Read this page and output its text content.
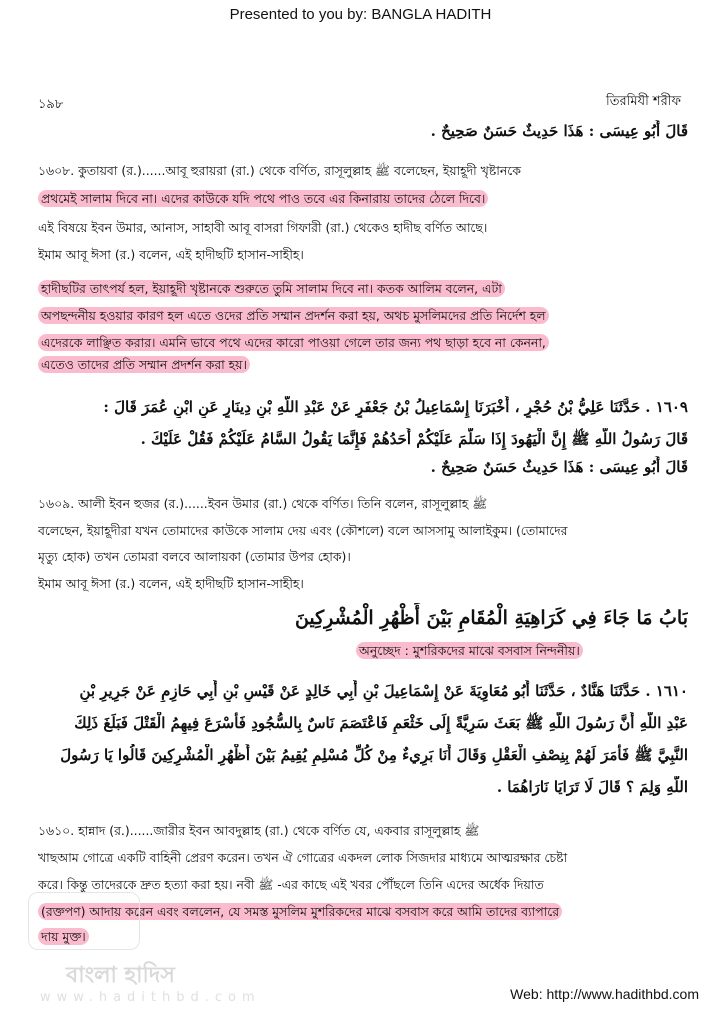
Presented to you by: BANGLA HADITH
১৯৮	তিরমিযী শরীফ
قَالَ أَبُو عِيسَى : هَذَا حَدِيثٌ حَسَنٌ صَحِيحٌ .
১৬০৮. কুতায়বা (র.)......আবূ হুরায়রা (রা.) থেকে বর্ণিত, রাসূলুল্লাহ ﷺ বলেছেন, ইয়াহূদী খৃষ্টানকে
প্রথমেই সালাম দিবে না। এদের কাউকে যদি পথে পাও তবে এর কিনারায় তাদের ঠেলে দিবে।
এই বিষয়ে ইবন উমার, আনাস, সাহাবী আবূ বাসরা গিফারী (রা.) থেকেও হাদীছ বর্ণিত আছে।
ইমাম আবূ ঈসা (র.) বলেন, এই হাদীছটি হাসান-সাহীহ।
হাদীছটির তাৎপর্য হল, ইয়াহূদী খৃষ্টানকে শুরুতে তুমি সালাম দিবে না। কতক আলিম বলেন, এটা
অপছন্দনীয় হওয়ার কারণ হল এতে ওদের প্রতি সম্মান প্রদর্শন করা হয়, অথচ মুসলিমদের প্রতি নির্দেশ হল
এদেরকে লাঞ্ছিত করার। এমনি ভাবে পথে এদের কারো পাওয়া গেলে তার জন্য পথ ছাড়া হবে না কেননা,
এতেও তাদের প্রতি সম্মান প্রদর্শন করা হয়।
١٦٠٩ . حَدَّثَنَا عَلِيُّ بْنُ حُجْرٍ ، أَخْبَرَنَا إِسْمَاعِيلُ بْنُ جَعْفَرٍ عَنْ عَبْدِ اللَّهِ بْنِ دِينَارٍ عَنِ ابْنِ عُمَرَ قَالَ :
قَالَ رَسُولُ اللَّهِ ﷺ إِنَّ الْيَهُودَ إِذَا سَلَّمَ عَلَيْكُمْ أَحَدُهُمْ فَإِنَّمَا يَقُولُ السَّامُ عَلَيْكُمْ فَقُلْ عَلَيْكَ .
قَالَ أَبُو عِيسَى : هَذَا حَدِيثٌ حَسَنٌ صَحِيحٌ .
১৬০৯. আলী ইবন হুজর (র.)......ইবন উমার (রা.) থেকে বর্ণিত। তিনি বলেন, রাসূলুল্লাহ ﷺ
বলেছেন, ইয়াহূদীরা যখন তোমাদের কাউকে সালাম দেয় এবং (কৌশলে) বলে আসসামু আলাইকুম। (তোমাদের
মৃত্যু হোক) তখন তোমরা বলবে আলায়কা (তোমার উপর হোক)।
ইমাম আবূ ঈসা (র.) বলেন, এই হাদীছটি হাসান-সাহীহ।
بَابُ مَا جَاءَ فِي كَرَاهِيَةِ الْمُقَامِ بَيْنَ أَظْهُرِ الْمُشْرِكِينَ
অনুচ্ছেদ : মুশরিকদের মাঝে বসবাস নিন্দনীয়।
١٦١٠ . حَدَّثَنَا هَنَّادٌ ، حَدَّثَنَا أَبُو مُعَاوِيَةَ عَنْ إِسْمَاعِيلَ بْنِ أَبِي خَالِدٍ عَنْ قَيْسِ بْنِ أَبِي حَازِمٍ عَنْ جَرِيرِ بْنِ
عَبْدِ اللَّهِ أَنَّ رَسُولَ اللَّهِ ﷺ بَعَثَ سَرِيَّةً إِلَى خَثْعَمٍ فَاعْتَصَمَ نَاسٌ بِالسُّجُودِ فَأَسْرَعَ فِيهِمُ الْقَتْلَ فَبَلَغَ ذَلِكَ
النَّبِيَّ ﷺ فَأَمَرَ لَهُمْ بِنِصْفِ الْعَقْلِ وَقَالَ أَنَا بَرِيءٌ مِنْ كُلِّ مُسْلِمٍ يُقِيمُ بَيْنَ أَظْهُرِ الْمُشْرِكِينَ قَالُوا يَا رَسُولَ
اللَّهِ وَلِمَ ؟ قَالَ لَا تَرَايَا نَارَاهُمَا .
১৬১০. হান্নাদ (র.)......জারীর ইবন আবদুল্লাহ (রা.) থেকে বর্ণিত যে, একবার রাসূলুল্লাহ ﷺ
খাছআম গোত্রে একটি বাহিনী প্রেরণ করেন। তখন ঐ গোত্রের একদল লোক সিজদার মাধ্যমে আত্মরক্ষার চেষ্টা
করে। কিন্তু তাদেরকে দ্রুত হত্যা করা হয়। নবী ﷺ -এর কাছে এই খবর পৌঁছলে তিনি এদের অর্ধেক দিয়াত
(রক্তপণ) আদায় করেন এবং বললেন, যে সমস্ত মুসলিম মুশরিকদের মাঝে বসবাস করে আমি তাদের ব্যাপারে
দায় মুক্ত।
বাংলা হাদিস
www.hadithbd.com	Web: http://www.hadithbd.com
